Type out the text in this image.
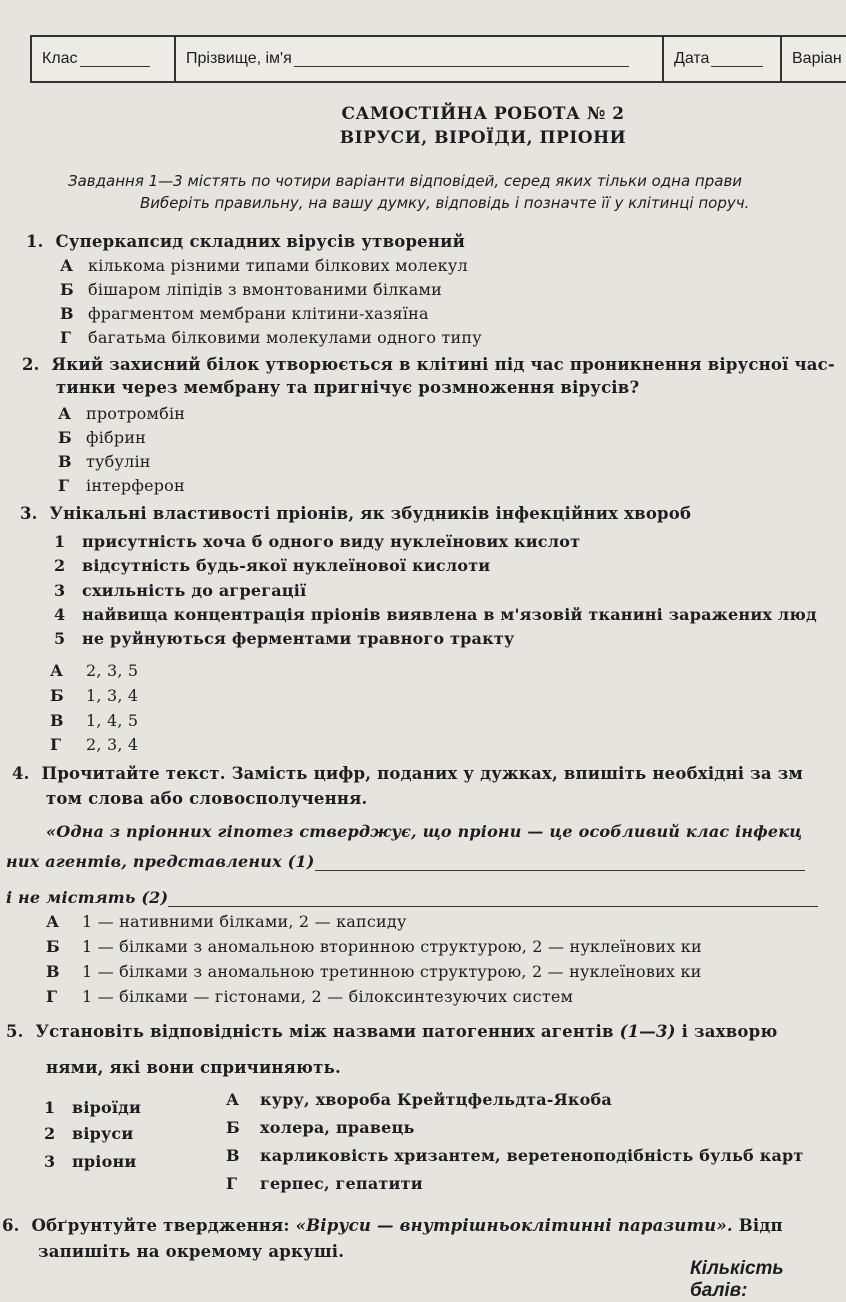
Клас	Прізвище, ім'я	Дата	Варіан
САМОСТІЙНА РОБОТА № 2
ВІРУСИ, ВІРОЇДИ, ПРІОНИ
Завдання 1—3 містять по чотири варіанти відповідей, серед яких тільки одна прави
Виберіть правильну, на вашу думку, відповідь і позначте її у клітинці поруч.
1. Суперкапсид складних вірусів утворений
А кількома різними типами білкових молекул
Б бішаром ліпідів з вмонтованими білками
В фрагментом мембрани клітини-хазяїна
Г багатьма білковими молекулами одного типу
2. Який захисний білок утворюється в клітині під час проникнення вірусної час-
тинки через мембрану та пригнічує розмноження вірусів?
А протромбін
Б фібрин
В тубулін
Г інтерферон
3. Унікальні властивості пріонів, як збудників інфекційних хвороб
1 присутність хоча б одного виду нуклеїнових кислот
2 відсутність будь-якої нуклеїнової кислоти
3 схильність до агрегації
4 найвища концентрація пріонів виявлена в м'язовій тканині заражених люд
5 не руйнуються ферментами травного тракту
А 2, 3, 5
Б 1, 3, 4
В 1, 4, 5
Г 2, 3, 4
4. Прочитайте текст. Замість цифр, поданих у дужках, впишіть необхідні за зм
том слова або словосполучення.
«Одна з пріонних гіпотез стверджує, що пріони — це особливий клас інфекц
них агентів, представлених (1)
і не містять (2)
А 1 — нативними білками, 2 — капсиду
Б 1 — білками з аномальною вторинною структурою, 2 — нуклеїнових ки
В 1 — білками з аномальною третинною структурою, 2 — нуклеїнових ки
Г 1 — білками — гістонами, 2 — білоксинтезуючих систем
5. Установіть відповідність між назвами патогенних агентів (1—3) і захворю
нями, які вони спричиняють.
1 віроїди
2 віруси
3 пріони
А куру, хвороба Крейтцфельдта-Якоба
Б холера, правець
В карликовість хризантем, веретеноподібність бульб карт
Г герпес, гепатити
6. Обґрунтуйте твердження: «Віруси — внутрішньоклітинні паразити». Відп
запишіть на окремому аркуші.
Кількість балів:
